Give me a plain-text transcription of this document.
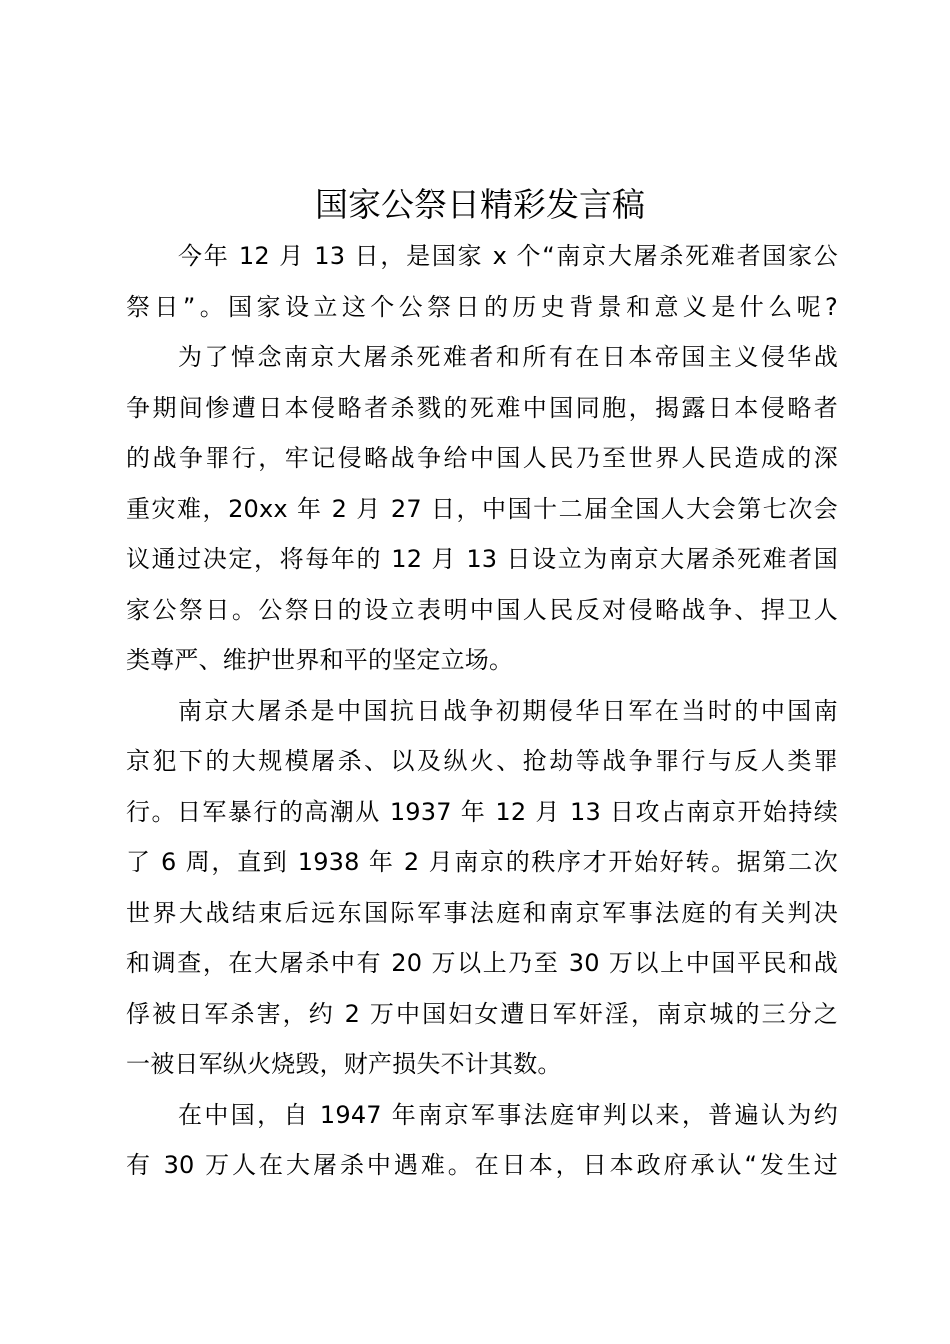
国家公祭日精彩发言稿

今年 12 月 13 日，是国家 x 个“南京大屠杀死难者国家公
祭日”。国家设立这个公祭日的历史背景和意义是什么呢?

为了悼念南京大屠杀死难者和所有在日本帝国主义侵华战
争期间惨遭日本侵略者杀戮的死难中国同胞，揭露日本侵略者
的战争罪行，牢记侵略战争给中国人民乃至世界人民造成的深
重灾难，20xx 年 2 月 27 日，中国十二届全国人大会第七次会
议通过决定，将每年的 12 月 13 日设立为南京大屠杀死难者国
家公祭日。公祭日的设立表明中国人民反对侵略战争、捍卫人
类尊严、维护世界和平的坚定立场。

南京大屠杀是中国抗日战争初期侵华日军在当时的中国南
京犯下的大规模屠杀、以及纵火、抢劫等战争罪行与反人类罪
行。日军暴行的高潮从 1937 年 12 月 13 日攻占南京开始持续
了 6 周，直到 1938 年 2 月南京的秩序才开始好转。据第二次
世界大战结束后远东国际军事法庭和南京军事法庭的有关判决
和调查，在大屠杀中有 20 万以上乃至 30 万以上中国平民和战
俘被日军杀害，约 2 万中国妇女遭日军奸淫，南京城的三分之
一被日军纵火烧毁，财产损失不计其数。

在中国，自 1947 年南京军事法庭审判以来，普遍认为约
有 30 万人在大屠杀中遇难。在日本，日本政府承认“发生过
